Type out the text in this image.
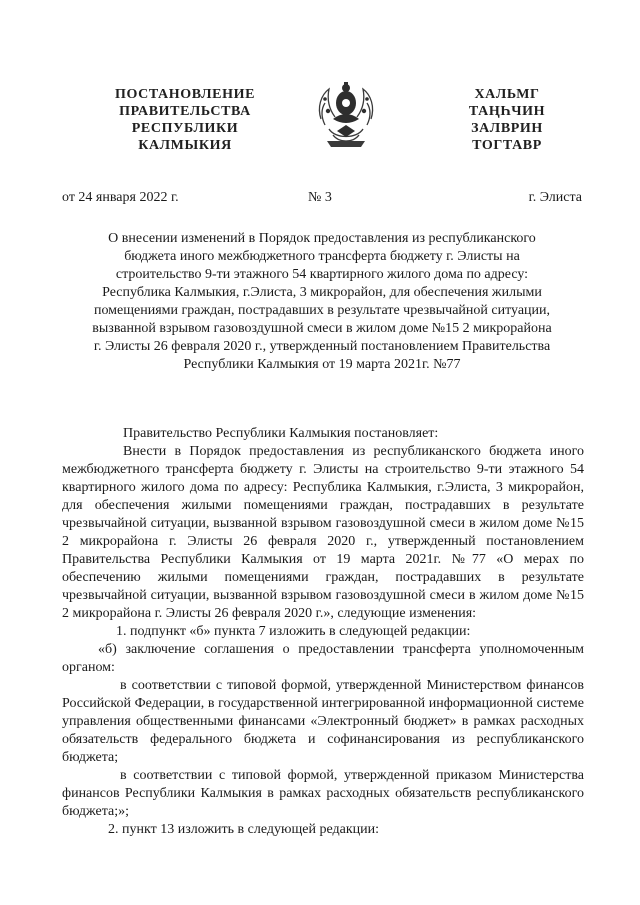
ПОСТАНОВЛЕНИЕ
ПРАВИТЕЛЬСТВА
РЕСПУБЛИКИ
КАЛМЫКИЯ
ХАЛЬМГ
ТАҢҺЧИН
ЗАЛВРИН
ТОГТАВР
от 24 января 2022 г.	№ 3	г. Элиста
О внесении изменений в Порядок предоставления из республиканского
бюджета иного межбюджетного трансферта бюджету г. Элисты на
строительство 9-ти этажного 54 квартирного жилого дома по адресу:
Республика Калмыкия, г.Элиста, 3 микрорайон, для обеспечения жилыми
помещениями граждан, пострадавших в результате чрезвычайной ситуации,
вызванной взрывом газовоздушной смеси в жилом доме №15 2 микрорайона
г. Элисты 26 февраля 2020 г., утвержденный постановлением Правительства
Республики Калмыкия от 19 марта 2021г. №77

Правительство Республики Калмыкия постановляет:

Внести в Порядок предоставления из республиканского бюджета иного межбюджетного трансферта бюджету г. Элисты на строительство 9-ти этажного 54 квартирного жилого дома по адресу: Республика Калмыкия, г.Элиста, 3 микрорайон, для обеспечения жилыми помещениями граждан, пострадавших в результате чрезвычайной ситуации, вызванной взрывом газовоздушной смеси в жилом доме №15 2 микрорайона г. Элисты 26 февраля 2020 г., утвержденный постановлением Правительства Республики Калмыкия от 19 марта 2021г. №77 «О мерах по обеспечению жилыми помещениями граждан, пострадавших в результате чрезвычайной ситуации, вызванной взрывом газовоздушной смеси в жилом доме №15 2 микрорайона г. Элисты 26 февраля 2020 г.», следующие изменения:

1. подпункт «б» пункта 7 изложить в следующей редакции:

«б) заключение соглашения о предоставлении трансферта уполномоченным органом:

в соответствии с типовой формой, утвержденной Министерством финансов Российской Федерации, в государственной интегрированной информационной системе управления общественными финансами «Электронный бюджет» в рамках расходных обязательств федерального бюджета и софинансирования из республиканского бюджета;

в соответствии с типовой формой, утвержденной приказом Министерства финансов Республики Калмыкия в рамках расходных обязательств республиканского бюджета;»;

2. пункт 13 изложить в следующей редакции:
